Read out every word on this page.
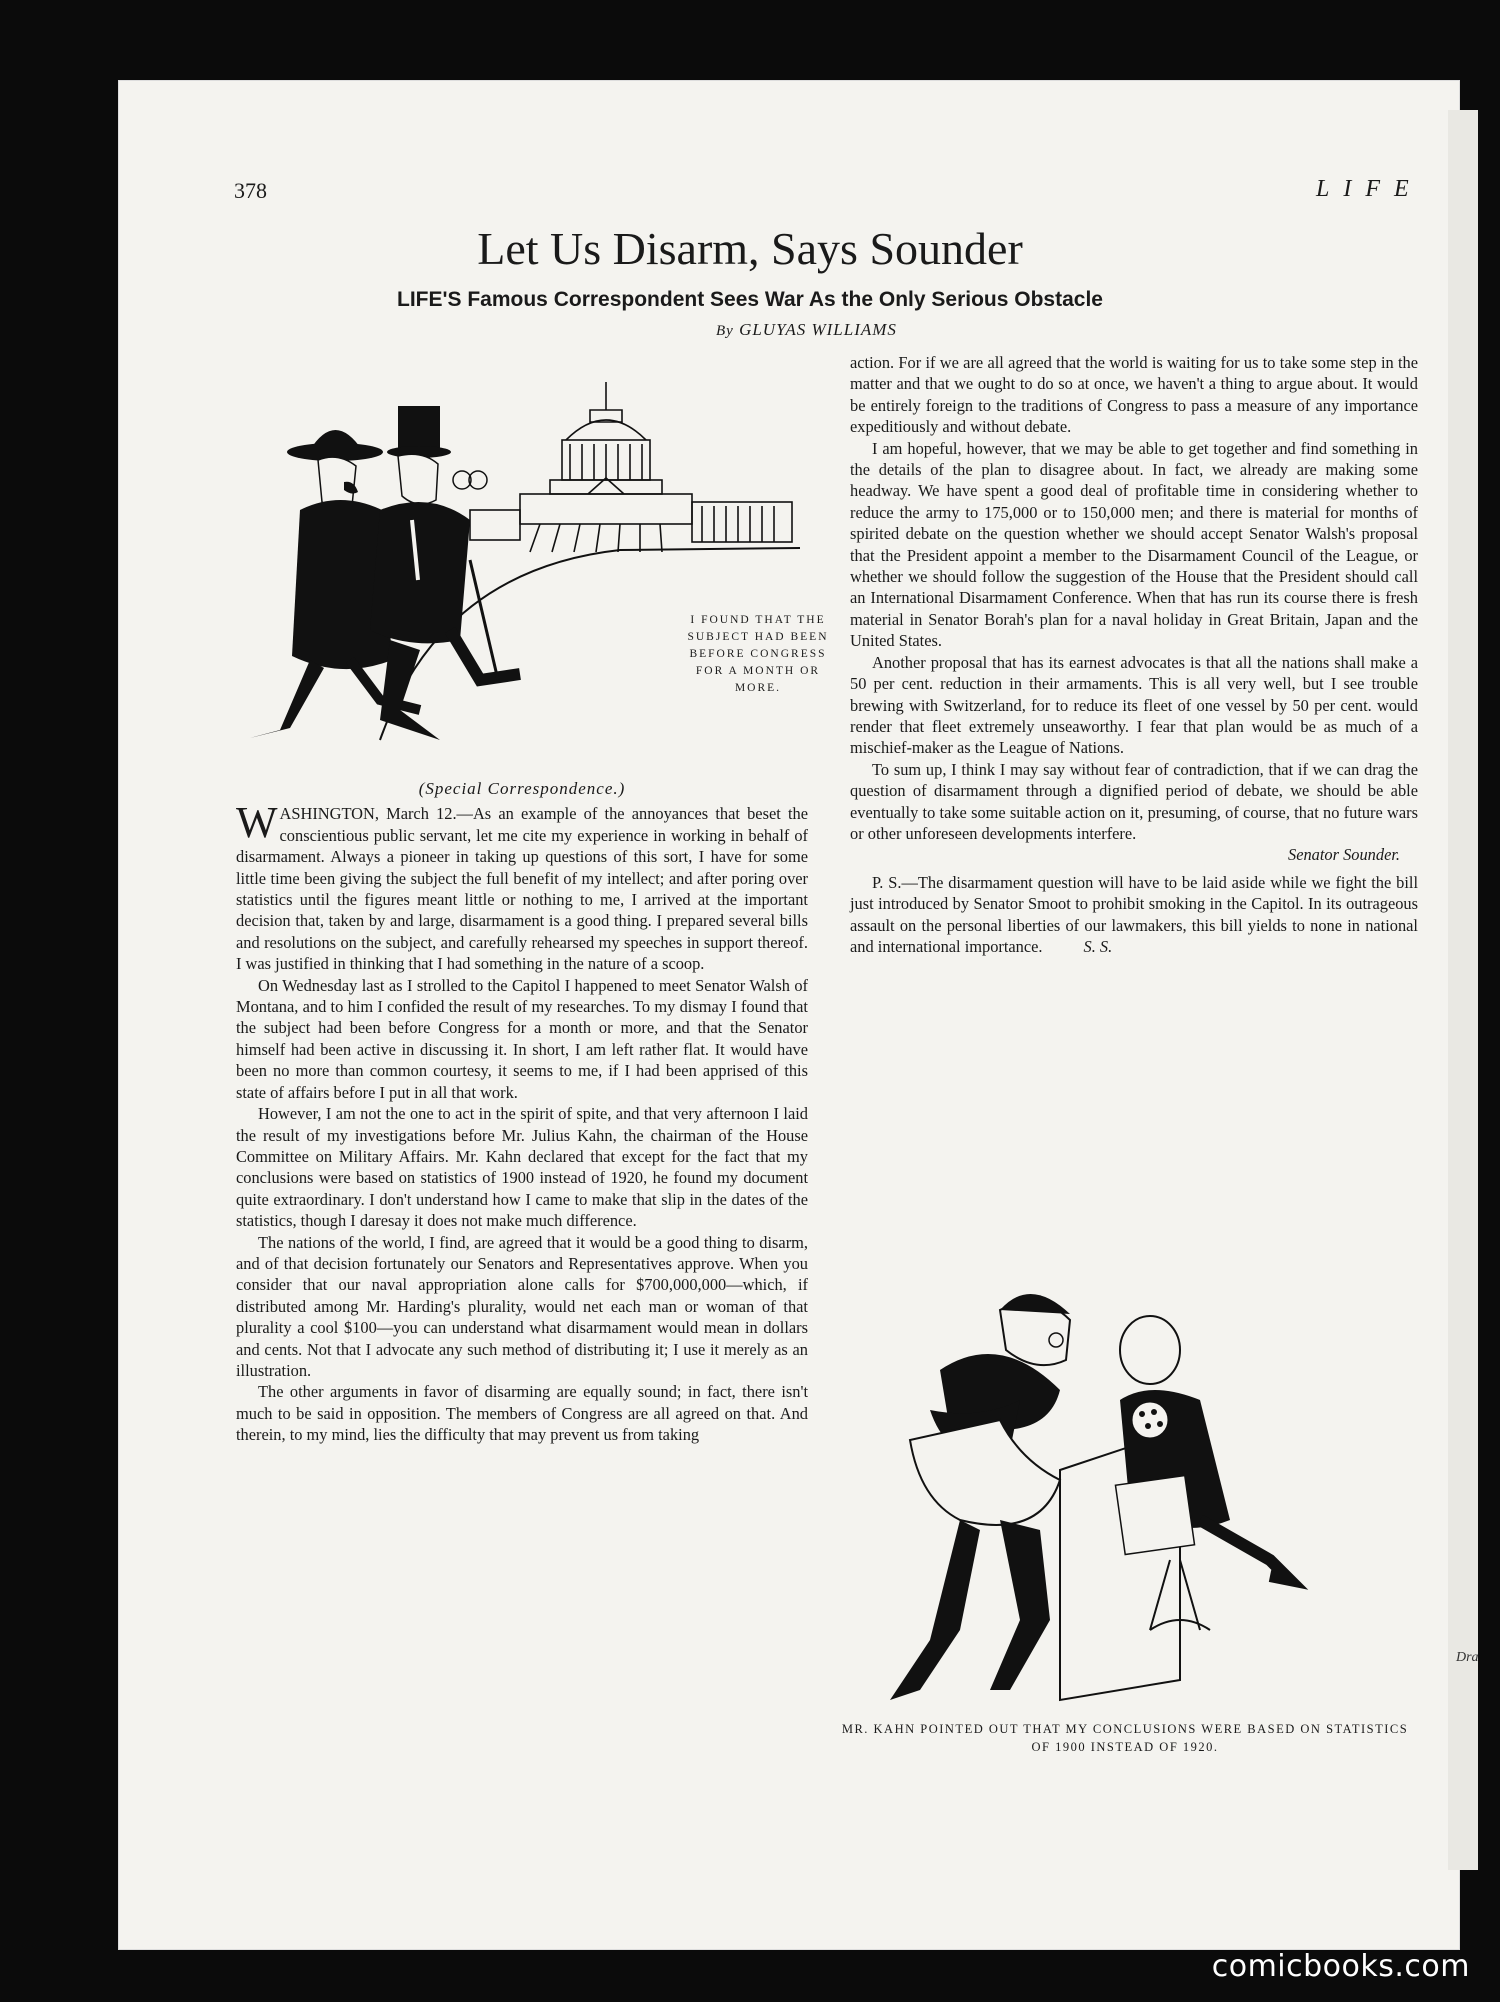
Dra
378	LIFE
Let Us Disarm, Says Sounder
LIFE'S Famous Correspondent Sees War As the Only Serious Obstacle
By GLUYAS WILLIAMS
I FOUND THAT THE SUBJECT HAD BEEN BEFORE CONGRESS FOR A MONTH OR MORE.
(Special Correspondence.)

WASHINGTON, March 12.—As an example of the annoyances that beset the conscientious public servant, let me cite my experience in working in behalf of disarmament. Always a pioneer in taking up questions of this sort, I have for some little time been giving the subject the full benefit of my intellect; and after poring over statistics until the figures meant little or nothing to me, I arrived at the important decision that, taken by and large, disarmament is a good thing. I prepared several bills and resolutions on the subject, and carefully rehearsed my speeches in support thereof. I was justified in thinking that I had something in the nature of a scoop.

On Wednesday last as I strolled to the Capitol I happened to meet Senator Walsh of Montana, and to him I confided the result of my researches. To my dismay I found that the subject had been before Congress for a month or more, and that the Senator himself had been active in discussing it. In short, I am left rather flat. It would have been no more than common courtesy, it seems to me, if I had been apprised of this state of affairs before I put in all that work.

However, I am not the one to act in the spirit of spite, and that very afternoon I laid the result of my investigations before Mr. Julius Kahn, the chairman of the House Committee on Military Affairs. Mr. Kahn declared that except for the fact that my conclusions were based on statistics of 1900 instead of 1920, he found my document quite extraordinary. I don't understand how I came to make that slip in the dates of the statistics, though I daresay it does not make much difference.

The nations of the world, I find, are agreed that it would be a good thing to disarm, and of that decision fortunately our Senators and Representatives approve. When you consider that our naval appropriation alone calls for $700,000,000—which, if distributed among Mr. Harding's plurality, would net each man or woman of that plurality a cool $100—you can understand what disarmament would mean in dollars and cents. Not that I advocate any such method of distributing it; I use it merely as an illustration.

The other arguments in favor of disarming are equally sound; in fact, there isn't much to be said in opposition. The members of Congress are all agreed on that. And therein, to my mind, lies the difficulty that may prevent us from taking

action. For if we are all agreed that the world is waiting for us to take some step in the matter and that we ought to do so at once, we haven't a thing to argue about. It would be entirely foreign to the traditions of Congress to pass a measure of any importance expeditiously and without debate.

I am hopeful, however, that we may be able to get together and find something in the details of the plan to disagree about. In fact, we already are making some headway. We have spent a good deal of profitable time in considering whether to reduce the army to 175,000 or to 150,000 men; and there is material for months of spirited debate on the question whether we should accept Senator Walsh's proposal that the President appoint a member to the Disarmament Council of the League, or whether we should follow the suggestion of the House that the President should call an International Disarmament Conference. When that has run its course there is fresh material in Senator Borah's plan for a naval holiday in Great Britain, Japan and the United States.

Another proposal that has its earnest advocates is that all the nations shall make a 50 per cent. reduction in their armaments. This is all very well, but I see trouble brewing with Switzerland, for to reduce its fleet of one vessel by 50 per cent. would render that fleet extremely unseaworthy. I fear that plan would be as much of a mischief-maker as the League of Nations.

To sum up, I think I may say without fear of contradiction, that if we can drag the question of disarmament through a dignified period of debate, we should be able eventually to take some suitable action on it, presuming, of course, that no future wars or other unforeseen developments interfere.

Senator Sounder.

P. S.—The disarmament question will have to be laid aside while we fight the bill just introduced by Senator Smoot to prohibit smoking in the Capitol. In its outrageous assault on the personal liberties of our lawmakers, this bill yields to none in national and international importance. S. S.

MR. KAHN POINTED OUT THAT MY CONCLUSIONS WERE BASED ON STATISTICS OF 1900 INSTEAD OF 1920.
comicbooks.com
